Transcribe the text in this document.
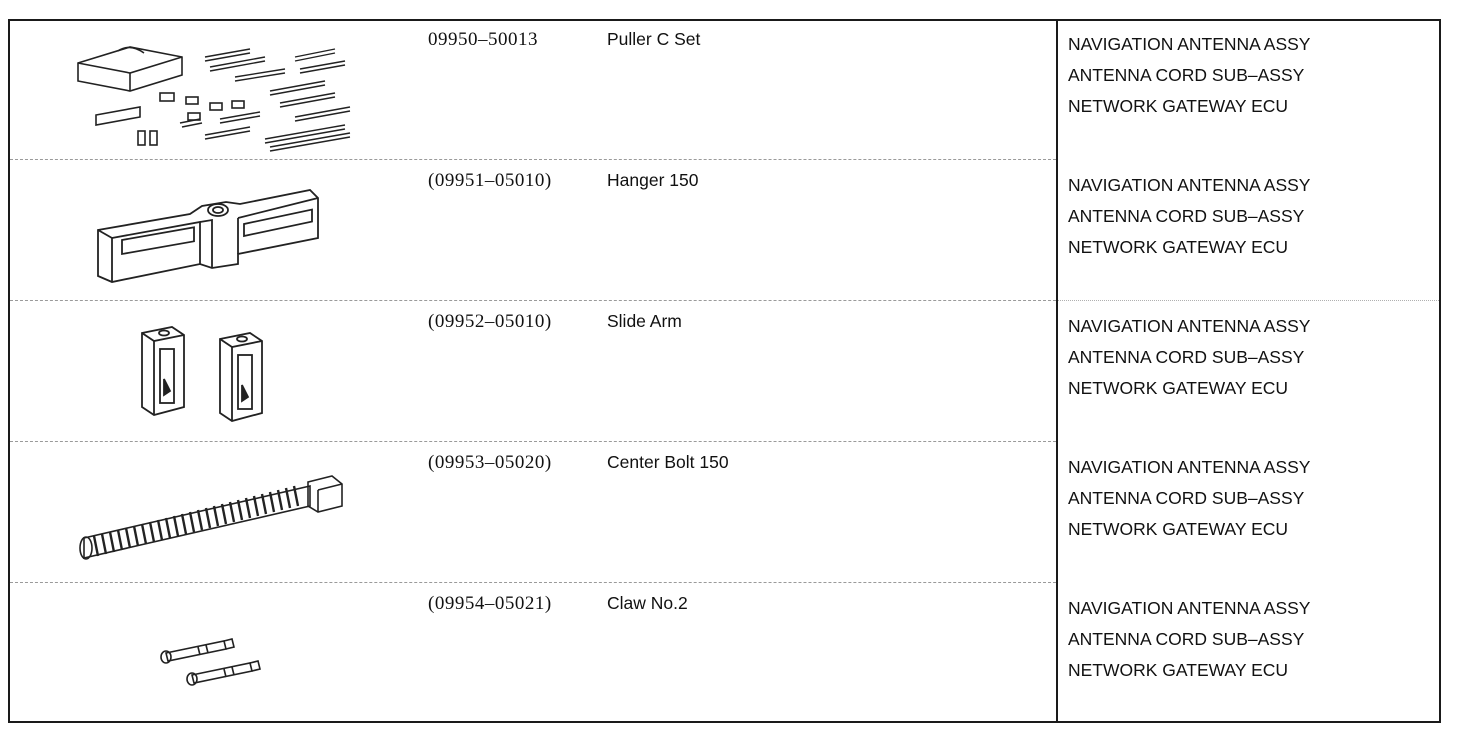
09950–50013	Puller C Set	NAVIGATION ANTENNA ASSY
ANTENNA CORD SUB–ASSY
NETWORK GATEWAY ECU
(09951–05010)	Hanger 150	NAVIGATION ANTENNA ASSY
ANTENNA CORD SUB–ASSY
NETWORK GATEWAY ECU
(09952–05010)	Slide Arm	NAVIGATION ANTENNA ASSY
ANTENNA CORD SUB–ASSY
NETWORK GATEWAY ECU
(09953–05020)	Center Bolt 150	NAVIGATION ANTENNA ASSY
ANTENNA CORD SUB–ASSY
NETWORK GATEWAY ECU
(09954–05021)	Claw No.2	NAVIGATION ANTENNA ASSY
ANTENNA CORD SUB–ASSY
NETWORK GATEWAY ECU
